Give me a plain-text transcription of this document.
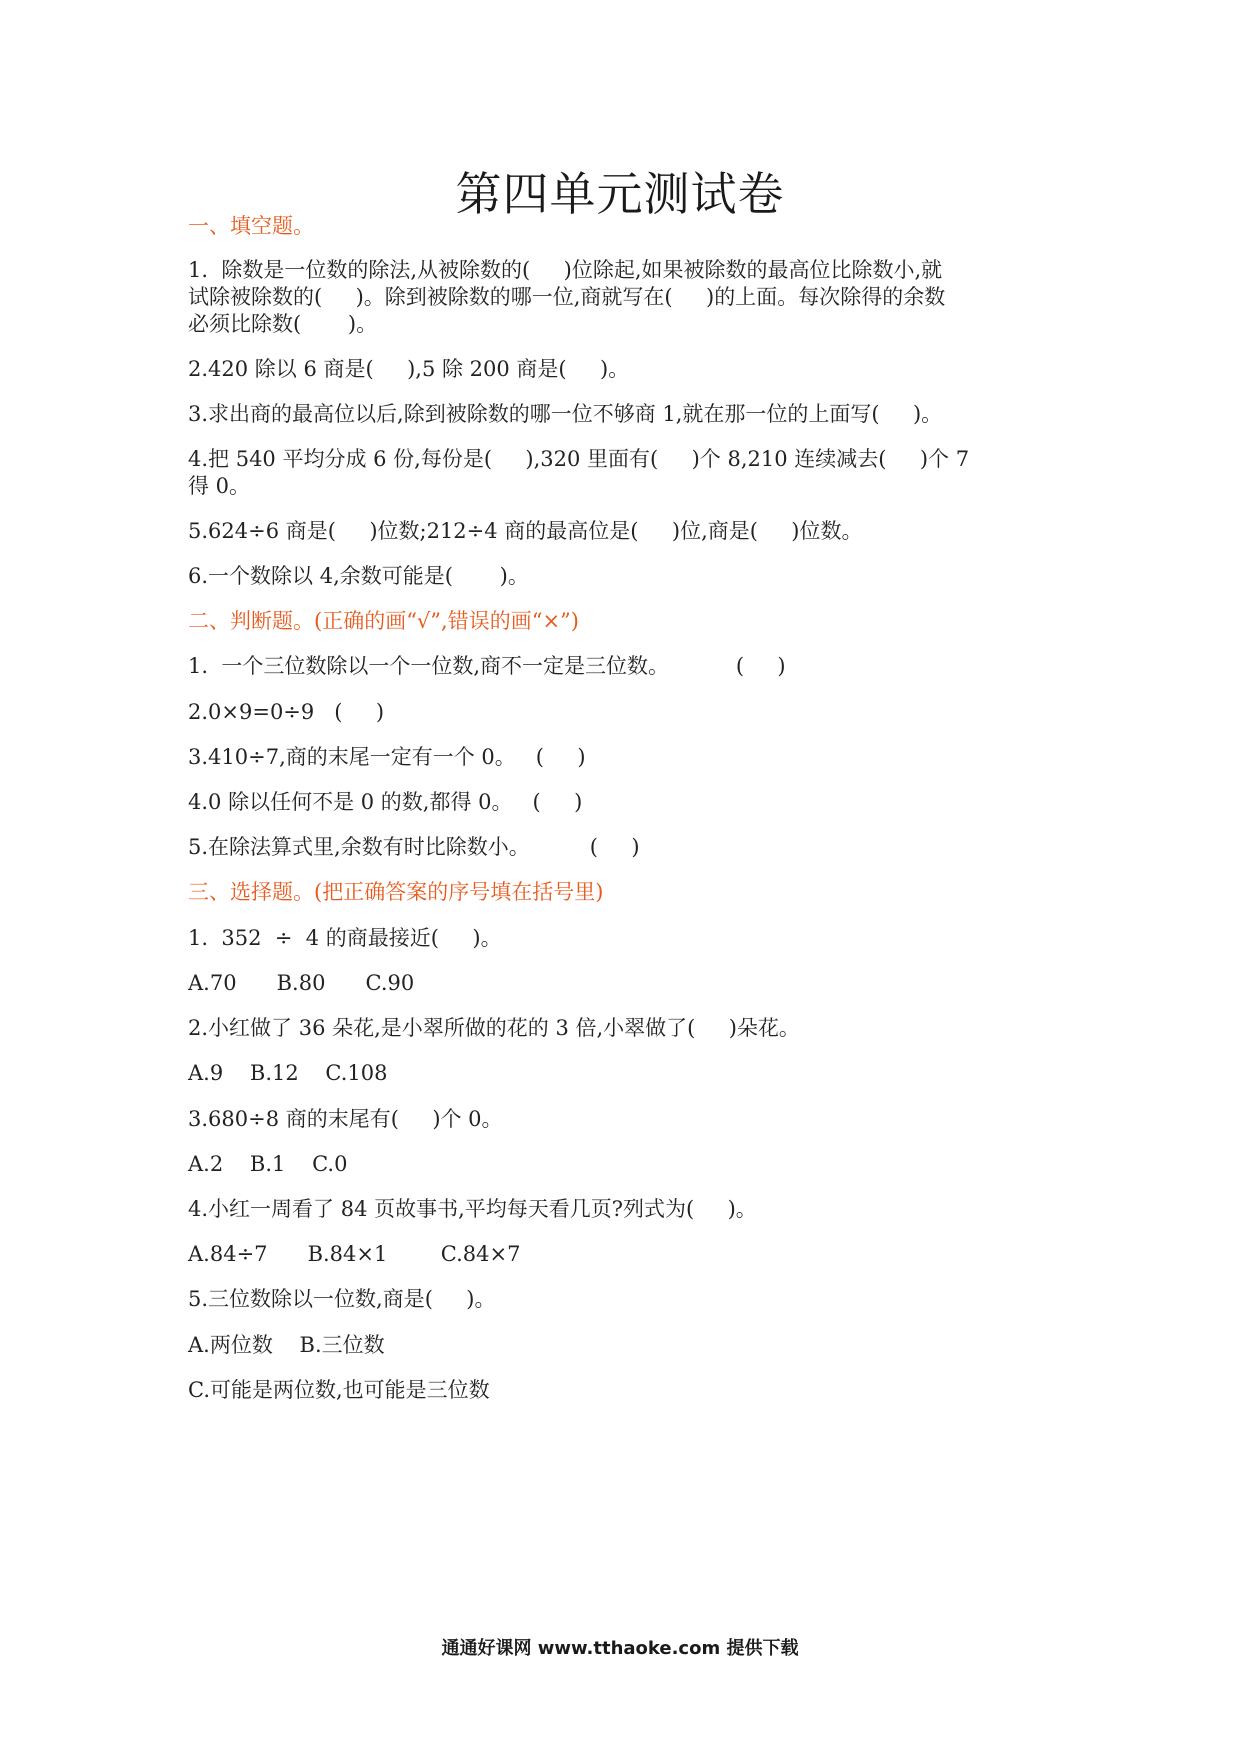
第四单元测试卷
一、填空题。
1.  除数是一位数的除法,从被除数的(     )位除起,如果被除数的最高位比除数小,就
试除被除数的(     )。除到被除数的哪一位,商就写在(     )的上面。每次除得的余数
必须比除数(       )。
2.420 除以 6 商是(     ),5 除 200 商是(     )。
3.求出商的最高位以后,除到被除数的哪一位不够商 1,就在那一位的上面写(     )。
4.把 540 平均分成 6 份,每份是(     ),320 里面有(     )个 8,210 连续减去(     )个 7
得 0。
5.624÷6 商是(     )位数;212÷4 商的最高位是(     )位,商是(     )位数。
6.一个数除以 4,余数可能是(       )。
二、判断题。(正确的画“√”,错误的画“×”)
1.  一个三位数除以一个一位数,商不一定是三位数。          (     )
2.0×9=0÷9   (     )
3.410÷7,商的末尾一定有一个 0。   (     )
4.0 除以任何不是 0 的数,都得 0。   (     )
5.在除法算式里,余数有时比除数小。         (     )
三、选择题。(把正确答案的序号填在括号里)
1.  352  ÷  4 的商最接近(     )。
A.70      B.80      C.90
2.小红做了 36 朵花,是小翠所做的花的 3 倍,小翠做了(     )朵花。
A.9    B.12    C.108
3.680÷8 商的末尾有(     )个 0。
A.2    B.1    C.0
4.小红一周看了 84 页故事书,平均每天看几页?列式为(     )。
A.84÷7      B.84×1        C.84×7
5.三位数除以一位数,商是(     )。
A.两位数    B.三位数
C.可能是两位数,也可能是三位数
通通好课网 www.tthaoke.com 提供下载
